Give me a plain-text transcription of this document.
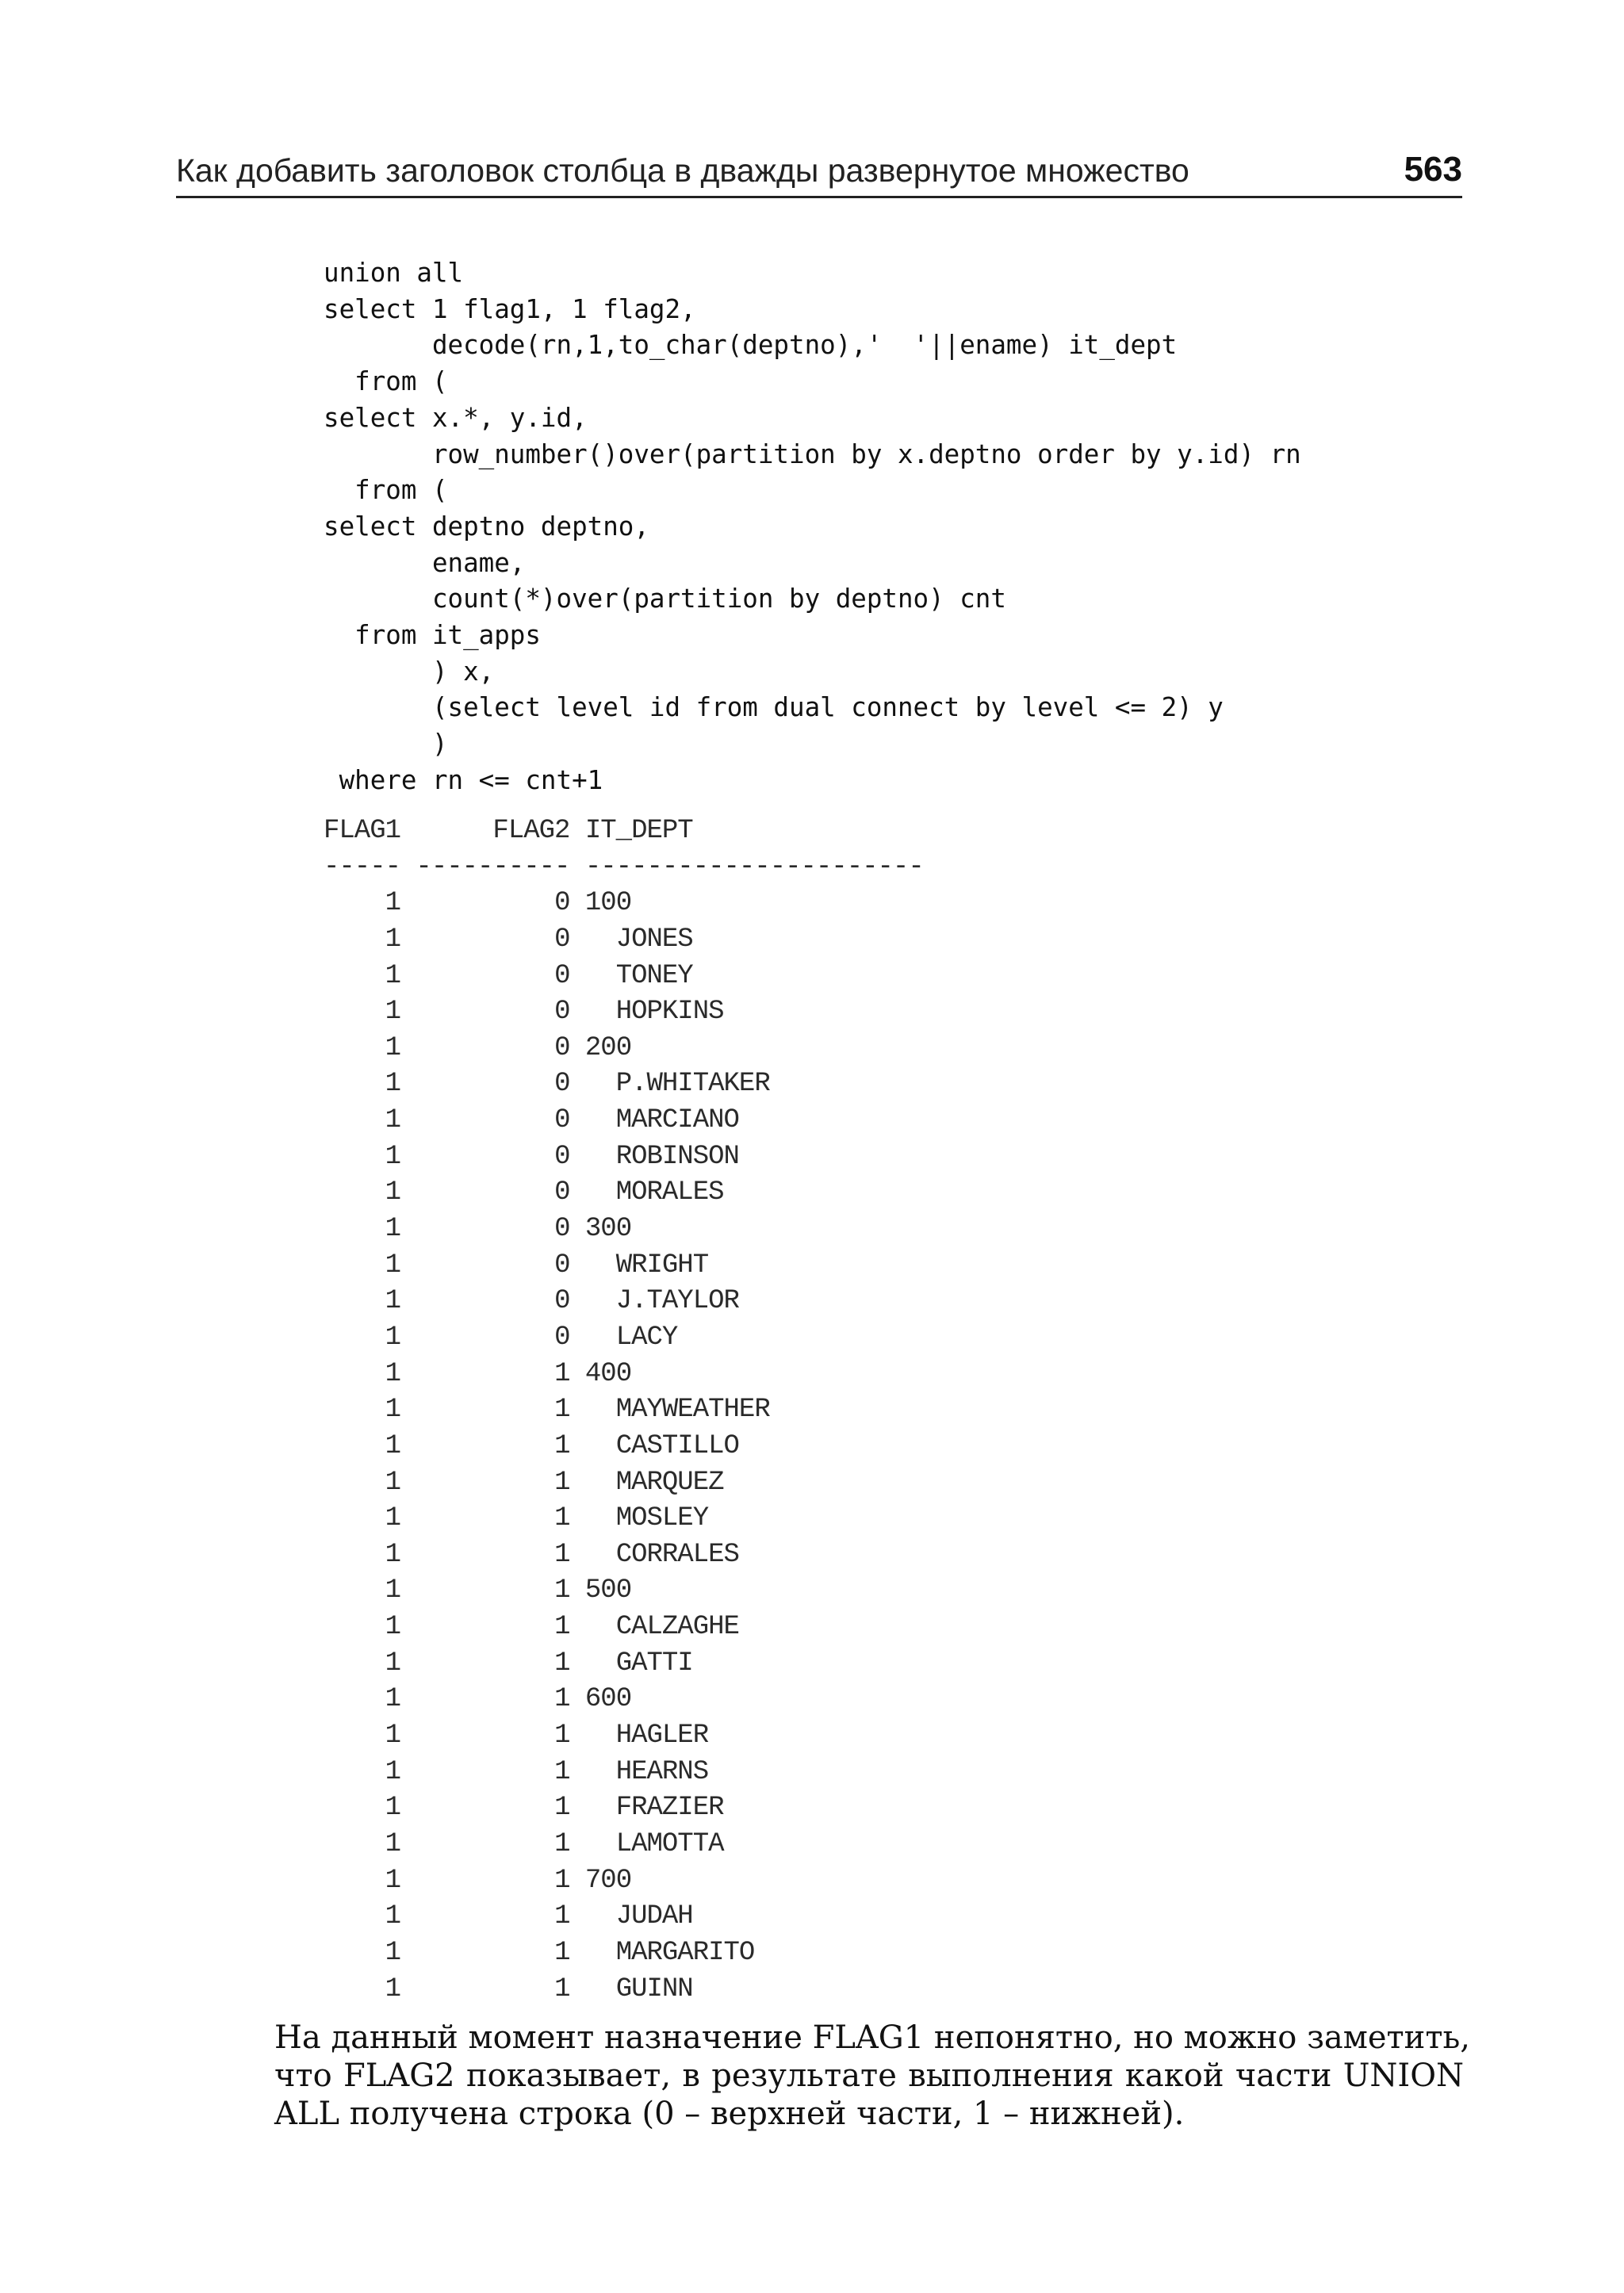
Как добавить заголовок столбца в дважды развернутое множество	563
union all
select 1 flag1, 1 flag2,
decode(rn,1,to_char(deptno),'  '||ename) it_dept
from (
select x.*, y.id,
row_number()over(partition by x.deptno order by y.id) rn
from (
select deptno deptno,
ename,
count(*)over(partition by deptno) cnt
from it_apps
) x,
(select level id from dual connect by level <= 2) y
)
where rn <= cnt+1
FLAG1      FLAG2 IT_DEPT
----- ---------- ----------------------
1	0 100
1	0   JONES
1	0   TONEY
1	0   HOPKINS
1	0 200
1	0   P.WHITAKER
1	0   MARCIANO
1	0   ROBINSON
1	0   MORALES
1	0 300
1	0   WRIGHT
1	0   J.TAYLOR
1	0   LACY
1	1 400
1	1   MAYWEATHER
1	1   CASTILLO
1	1   MARQUEZ
1	1   MOSLEY
1	1   CORRALES
1	1 500
1	1   CALZAGHE
1	1   GATTI
1	1 600
1	1   HAGLER
1	1   HEARNS
1	1   FRAZIER
1	1   LAMOTTA
1	1 700
1	1   JUDAH
1	1   MARGARITO
1	1   GUINN
На данный момент назначение FLAG1 непонятно, но можно заметить,
что FLAG2 показывает, в результате выполнения какой части UNION
ALL получена строка (0 – верхней части, 1 – нижней).
